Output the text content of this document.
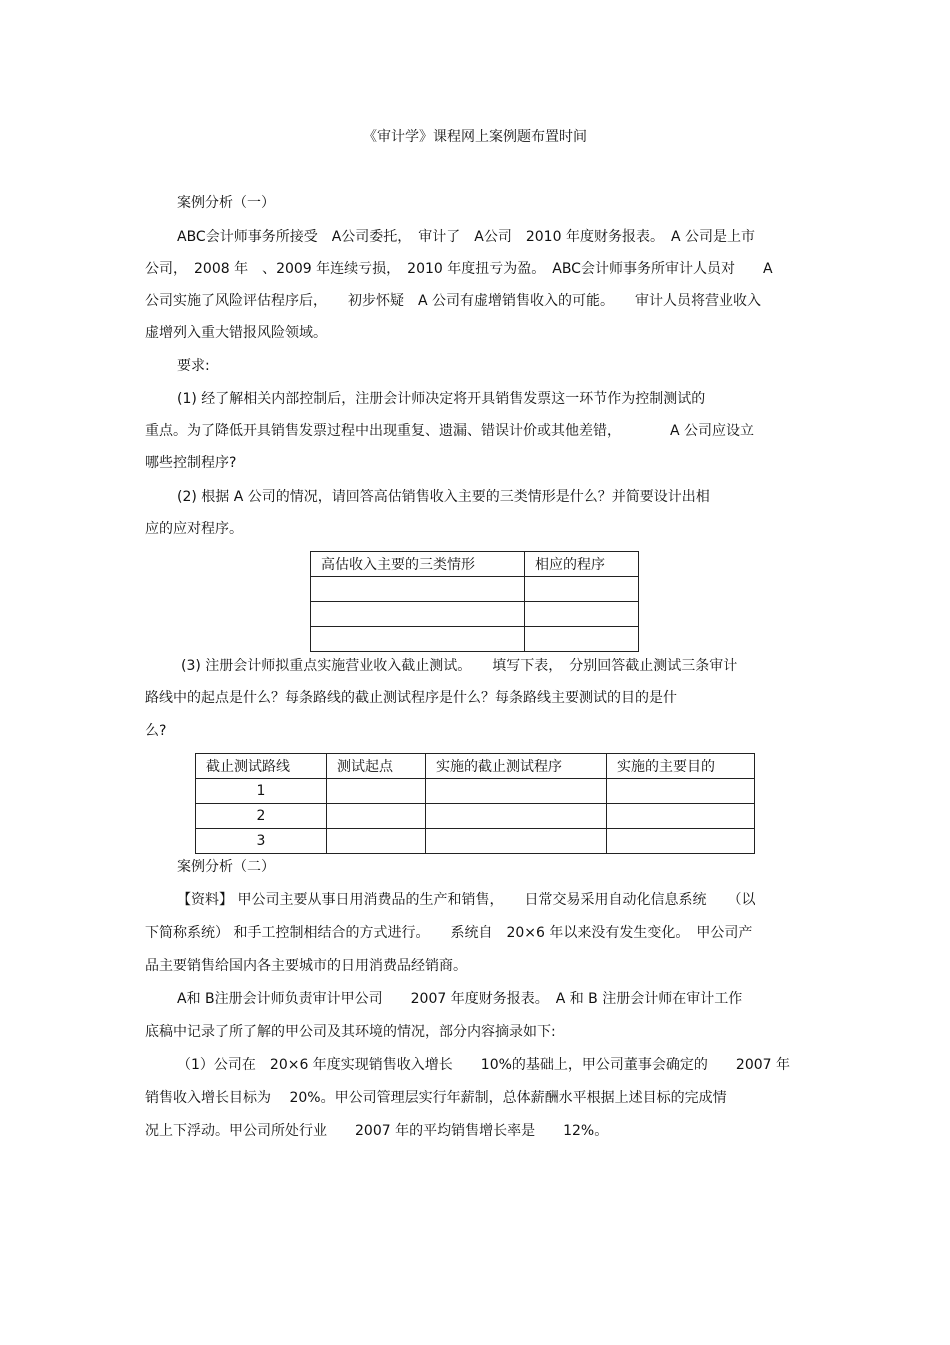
《审计学》课程网上案例题布置时间
案例分析（一）
ABC会计师事务所接受　A公司委托，　审计了　A公司　2010 年度财务报表。　A 公司是上市
公司，　2008 年　、2009 年连续亏损，　2010 年度扭亏为盈。　ABC会计师事务所审计人员对　　A
公司实施了风险评估程序后，　　初步怀疑　A 公司有虚增销售收入的可能。　　审计人员将营业收入
虚增列入重大错报风险领域。
要求:
(1) 经了解相关内部控制后，注册会计师决定将开具销售发票这一环节作为控制测试的
重点。为了降低开具销售发票过程中出现重复、遗漏、错误计价或其他差错，　　　　A 公司应设立
哪些控制程序?
(2) 根据 A 公司的情况，请回答高估销售收入主要的三类情形是什么？并简要设计出相
应的应对程序。
高估收入主要的三类情形	相应的程序

(3) 注册会计师拟重点实施营业收入截止测试。　　填写下表，　分别回答截止测试三条审计
路线中的起点是什么？每条路线的截止测试程序是什么？每条路线主要测试的目的是什
么?
截止测试路线	测试起点	实施的截止测试程序	实施的主要目的
1			
2			
3			
案例分析（二）
【资料】 甲公司主要从事日用消费品的生产和销售，　　日常交易采用自动化信息系统　　（以
下简称系统） 和手工控制相结合的方式进行。　　系统自　20×6 年以来没有发生变化。　甲公司产
品主要销售给国内各主要城市的日用消费品经销商。
A和 B注册会计师负责审计甲公司　　2007 年度财务报表。　A 和 B 注册会计师在审计工作
底稿中记录了所了解的甲公司及其环境的情况，部分内容摘录如下:
（1）公司在　20×6 年度实现销售收入增长　　10%的基础上，甲公司董事会确定的　　2007 年
销售收入增长目标为　 20%。甲公司管理层实行年薪制，总体薪酬水平根据上述目标的完成情
况上下浮动。甲公司所处行业　　2007 年的平均销售增长率是　　12%。
